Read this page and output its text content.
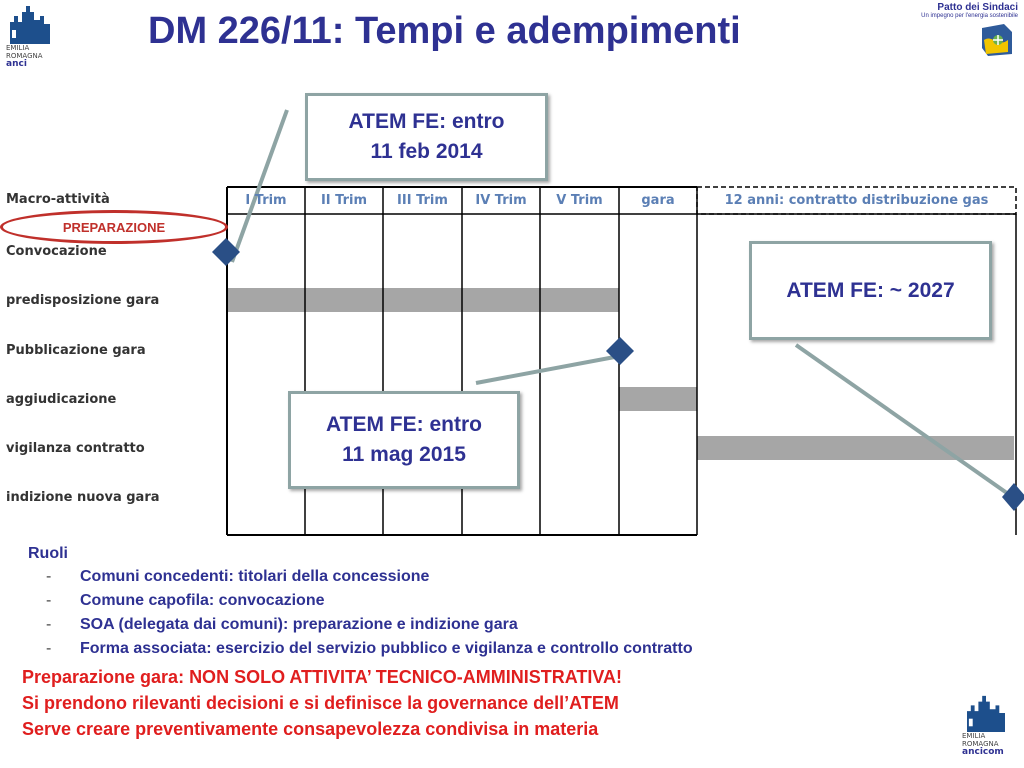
EMILIA
ROMAGNA
anci
DM 226/11: Tempi e adempimenti
Patto dei Sindaci
Un impegno per l'energia sostenibile
Macro-attività
Convocazione
predisposizione gara
Pubblicazione gara
aggiudicazione
vigilanza contratto
indizione nuova gara
I Trim	II Trim	III Trim	IV Trim	V Trim	gara	12 anni: contratto distribuzione gas
PREPARAZIONE
ATEM FE: entro
11 feb 2014
ATEM FE: entro
11 mag 2015
ATEM FE: ~ 2027
Ruoli
- Comuni concedenti: titolari della concessione
- Comune capofila: convocazione
- SOA (delegata dai comuni): preparazione e indizione gara
- Forma associata: esercizio del servizio pubblico e vigilanza e controllo contratto
Preparazione gara: NON SOLO ATTIVITA’ TECNICO-AMMINISTRATIVA!
Si prendono rilevanti decisioni e si definisce la governance dell’ATEM
Serve creare preventivamente consapevolezza condivisa in materia	EMILIA
ROMAGNA
ancicom
